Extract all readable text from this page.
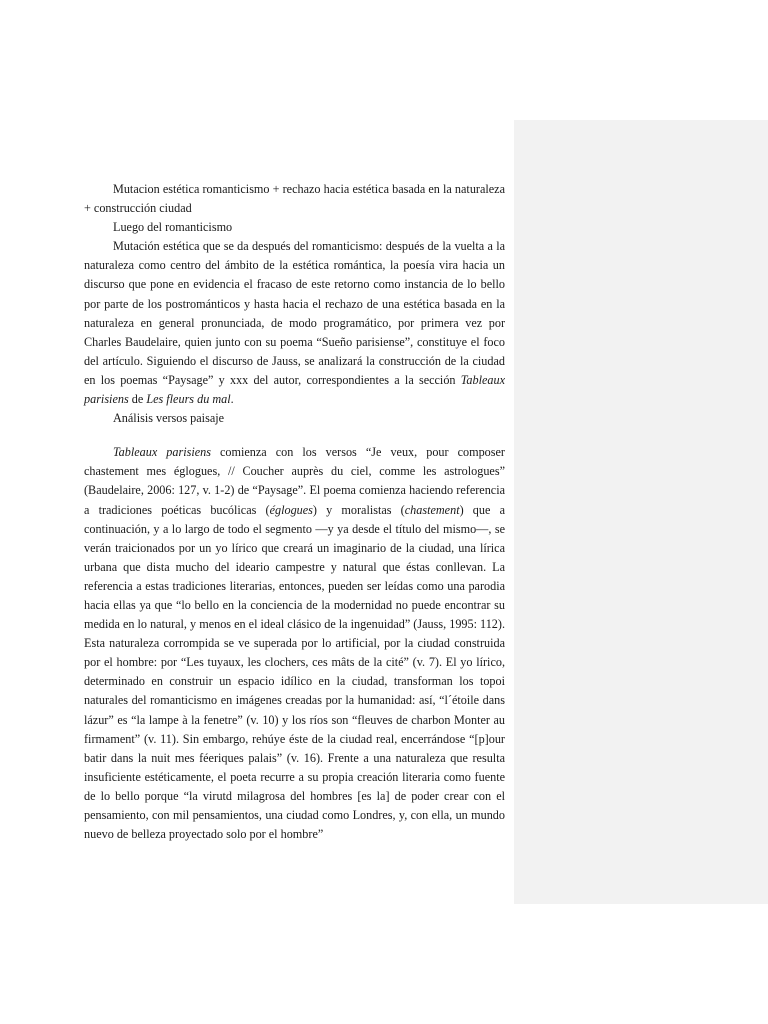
Mutacion estética romanticismo + rechazo hacia estética basada en la naturaleza + construcción ciudad

Luego del romanticismo

Mutación estética que se da después del romanticismo: después de la vuelta a la naturaleza como centro del ámbito de la estética romántica, la poesía vira hacia un discurso que pone en evidencia el fracaso de este retorno como instancia de lo bello por parte de los postrománticos y hasta hacia el rechazo de una estética basada en la naturaleza en general pronunciada, de modo programático, por primera vez por Charles Baudelaire, quien junto con su poema “Sueño parisiense”, constituye el foco del artículo. Siguiendo el discurso de Jauss, se analizará la construcción de la ciudad en los poemas “Paysage” y xxx del autor, correspondientes a la sección Tableaux parisiens de Les fleurs du mal.

Análisis versos paisaje

Tableaux parisiens comienza con los versos “Je veux, pour composer chastement mes églogues, // Coucher auprès du ciel, comme les astrologues” (Baudelaire, 2006: 127, v. 1-2) de “Paysage”. El poema comienza haciendo referencia a tradiciones poéticas bucólicas (églogues) y moralistas (chastement) que a continuación, y a lo largo de todo el segmento —y ya desde el título del mismo—, se verán traicionados por un yo lírico que creará un imaginario de la ciudad, una lírica urbana que dista mucho del ideario campestre y natural que éstas conllevan. La referencia a estas tradiciones literarias, entonces, pueden ser leídas como una parodia hacia ellas ya que “lo bello en la conciencia de la modernidad no puede encontrar su medida en lo natural, y menos en el ideal clásico de la ingenuidad” (Jauss, 1995: 112). Esta naturaleza corrompida se ve superada por lo artificial, por la ciudad construida por el hombre: por “Les tuyaux, les clochers, ces mâts de la cité” (v. 7). El yo lírico, determinado en construir un espacio idílico en la ciudad, transforman los topoi naturales del romanticismo en imágenes creadas por la humanidad: así, “l´étoile dans lázur” es “la lampe à la fenetre” (v. 10) y los ríos son “fleuves de charbon Monter au firmament” (v. 11). Sin embargo, rehúye éste de la ciudad real, encerrándose “[p]our batir dans la nuit mes féeriques palais” (v. 16). Frente a una naturaleza que resulta insuficiente estéticamente, el poeta recurre a su propia creación literaria como fuente de lo bello porque “la virutd milagrosa del hombres [es la] de poder crear con el pensamiento, con mil pensamientos, una ciudad como Londres, y, con ella, un mundo nuevo de belleza proyectado solo por el hombre”
